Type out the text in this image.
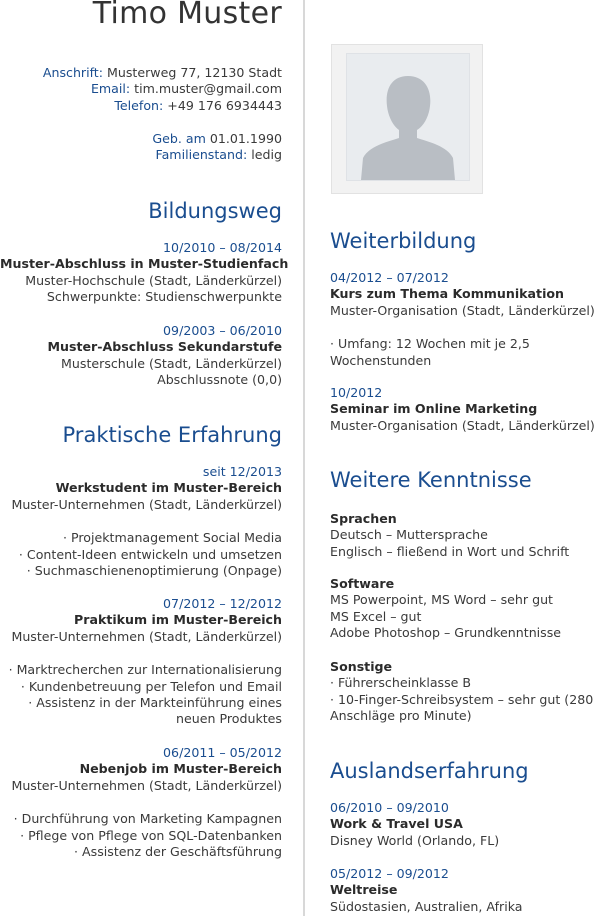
Timo Muster
Anschrift: Musterweg 77, 12130 Stadt
Email: tim.muster@gmail.com
Telefon: +49 176 6934443
Geb. am 01.01.1990
Familienstand: ledig
Bildungsweg
10/2010 – 08/2014
Muster-Abschluss in Muster-Studienfach
Muster-Hochschule (Stadt, Länderkürzel)
Schwerpunkte: Studienschwerpunkte
09/2003 – 06/2010
Muster-Abschluss Sekundarstufe
Musterschule (Stadt, Länderkürzel)
Abschlussnote (0,0)
Praktische Erfahrung
seit 12/2013
Werkstudent im Muster-Bereich
Muster-Unternehmen (Stadt, Länderkürzel)
· Projektmanagement Social Media
· Content-Ideen entwickeln und umsetzen
· Suchmaschienenoptimierung (Onpage)
07/2012 – 12/2012
Praktikum im Muster-Bereich
Muster-Unternehmen (Stadt, Länderkürzel)
· Marktrecherchen zur Internationalisierung
· Kundenbetreuung per Telefon und Email
· Assistenz in der Markteinführung eines
neuen Produktes
06/2011 – 05/2012
Nebenjob im Muster-Bereich
Muster-Unternehmen (Stadt, Länderkürzel)
· Durchführung von Marketing Kampagnen
· Pflege von Pflege von SQL-Datenbanken
· Assistenz der Geschäftsführung
Weiterbildung
04/2012 – 07/2012
Kurs zum Thema Kommunikation
Muster-Organisation (Stadt, Länderkürzel)
· Umfang: 12 Wochen mit je 2,5
Wochenstunden
10/2012
Seminar im Online Marketing
Muster-Organisation (Stadt, Länderkürzel)
Weitere Kenntnisse
Sprachen
Deutsch – Muttersprache
Englisch – fließend in Wort und Schrift
Software
MS Powerpoint, MS Word – sehr gut
MS Excel – gut
Adobe Photoshop – Grundkenntnisse
Sonstige
· Führerscheinklasse B
· 10-Finger-Schreibsystem – sehr gut (280
Anschläge pro Minute)
Auslandserfahrung
06/2010 – 09/2010
Work & Travel USA
Disney World (Orlando, FL)
05/2012 – 09/2012
Weltreise
Südostasien, Australien, Afrika
